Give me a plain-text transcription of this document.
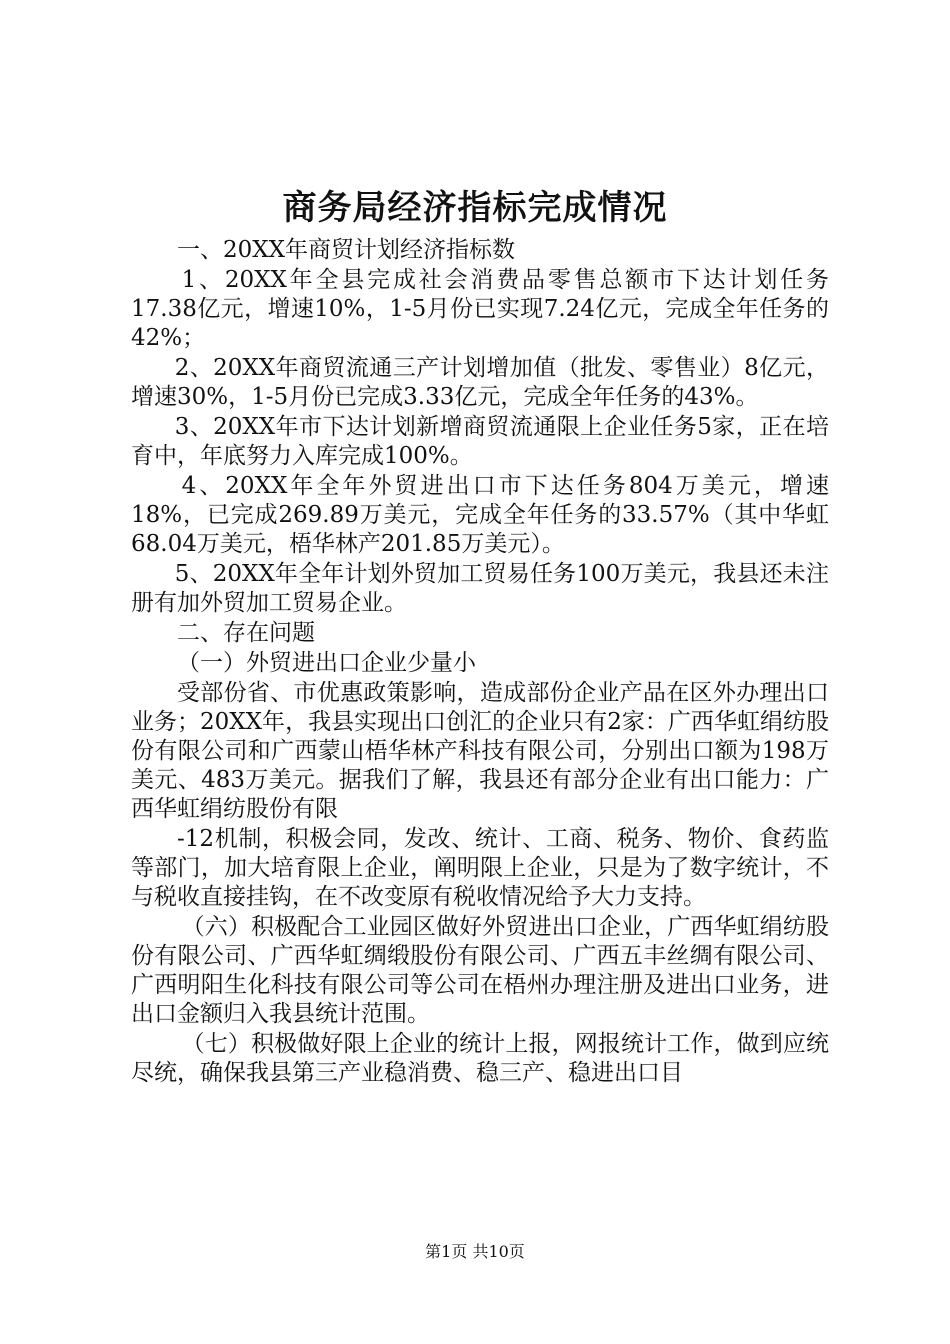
商务局经济指标完成情况

一、20XX年商贸计划经济指标数

1、20XX年全县完成社会消费品零售总额市下达计划任务17.38亿元，增速10%，1-5月份已实现7.24亿元，完成全年任务的42%；

2、20XX年商贸流通三产计划增加值（批发、零售业）8亿元，增速30%，1-5月份已完成3.33亿元，完成全年任务的43%。

3、20XX年市下达计划新增商贸流通限上企业任务5家，正在培育中，年底努力入库完成100%。

4、20XX年全年外贸进出口市下达任务804万美元，增速18%，已完成269.89万美元，完成全年任务的33.57%（其中华虹68.04万美元，梧华林产201.85万美元）。

5、20XX年全年计划外贸加工贸易任务100万美元，我县还未注册有加外贸加工贸易企业。

二、存在问题

（一）外贸进出口企业少量小

受部份省、市优惠政策影响，造成部份企业产品在区外办理出口业务；20XX年，我县实现出口创汇的企业只有2家：广西华虹绢纺股份有限公司和广西蒙山梧华林产科技有限公司，分别出口额为198万美元、483万美元。据我们了解，我县还有部分企业有出口能力：广西华虹绢纺股份有限

-12机制，积极会同，发改、统计、工商、税务、物价、食药监等部门，加大培育限上企业，阐明限上企业，只是为了数字统计，不与税收直接挂钩，在不改变原有税收情况给予大力支持。

（六）积极配合工业园区做好外贸进出口企业，广西华虹绢纺股份有限公司、广西华虹绸缎股份有限公司、广西五丰丝绸有限公司、广西明阳生化科技有限公司等公司在梧州办理注册及进出口业务，进出口金额归入我县统计范围。

（七）积极做好限上企业的统计上报，网报统计工作，做到应统尽统，确保我县第三产业稳消费、稳三产、稳进出口目

第1页 共10页
